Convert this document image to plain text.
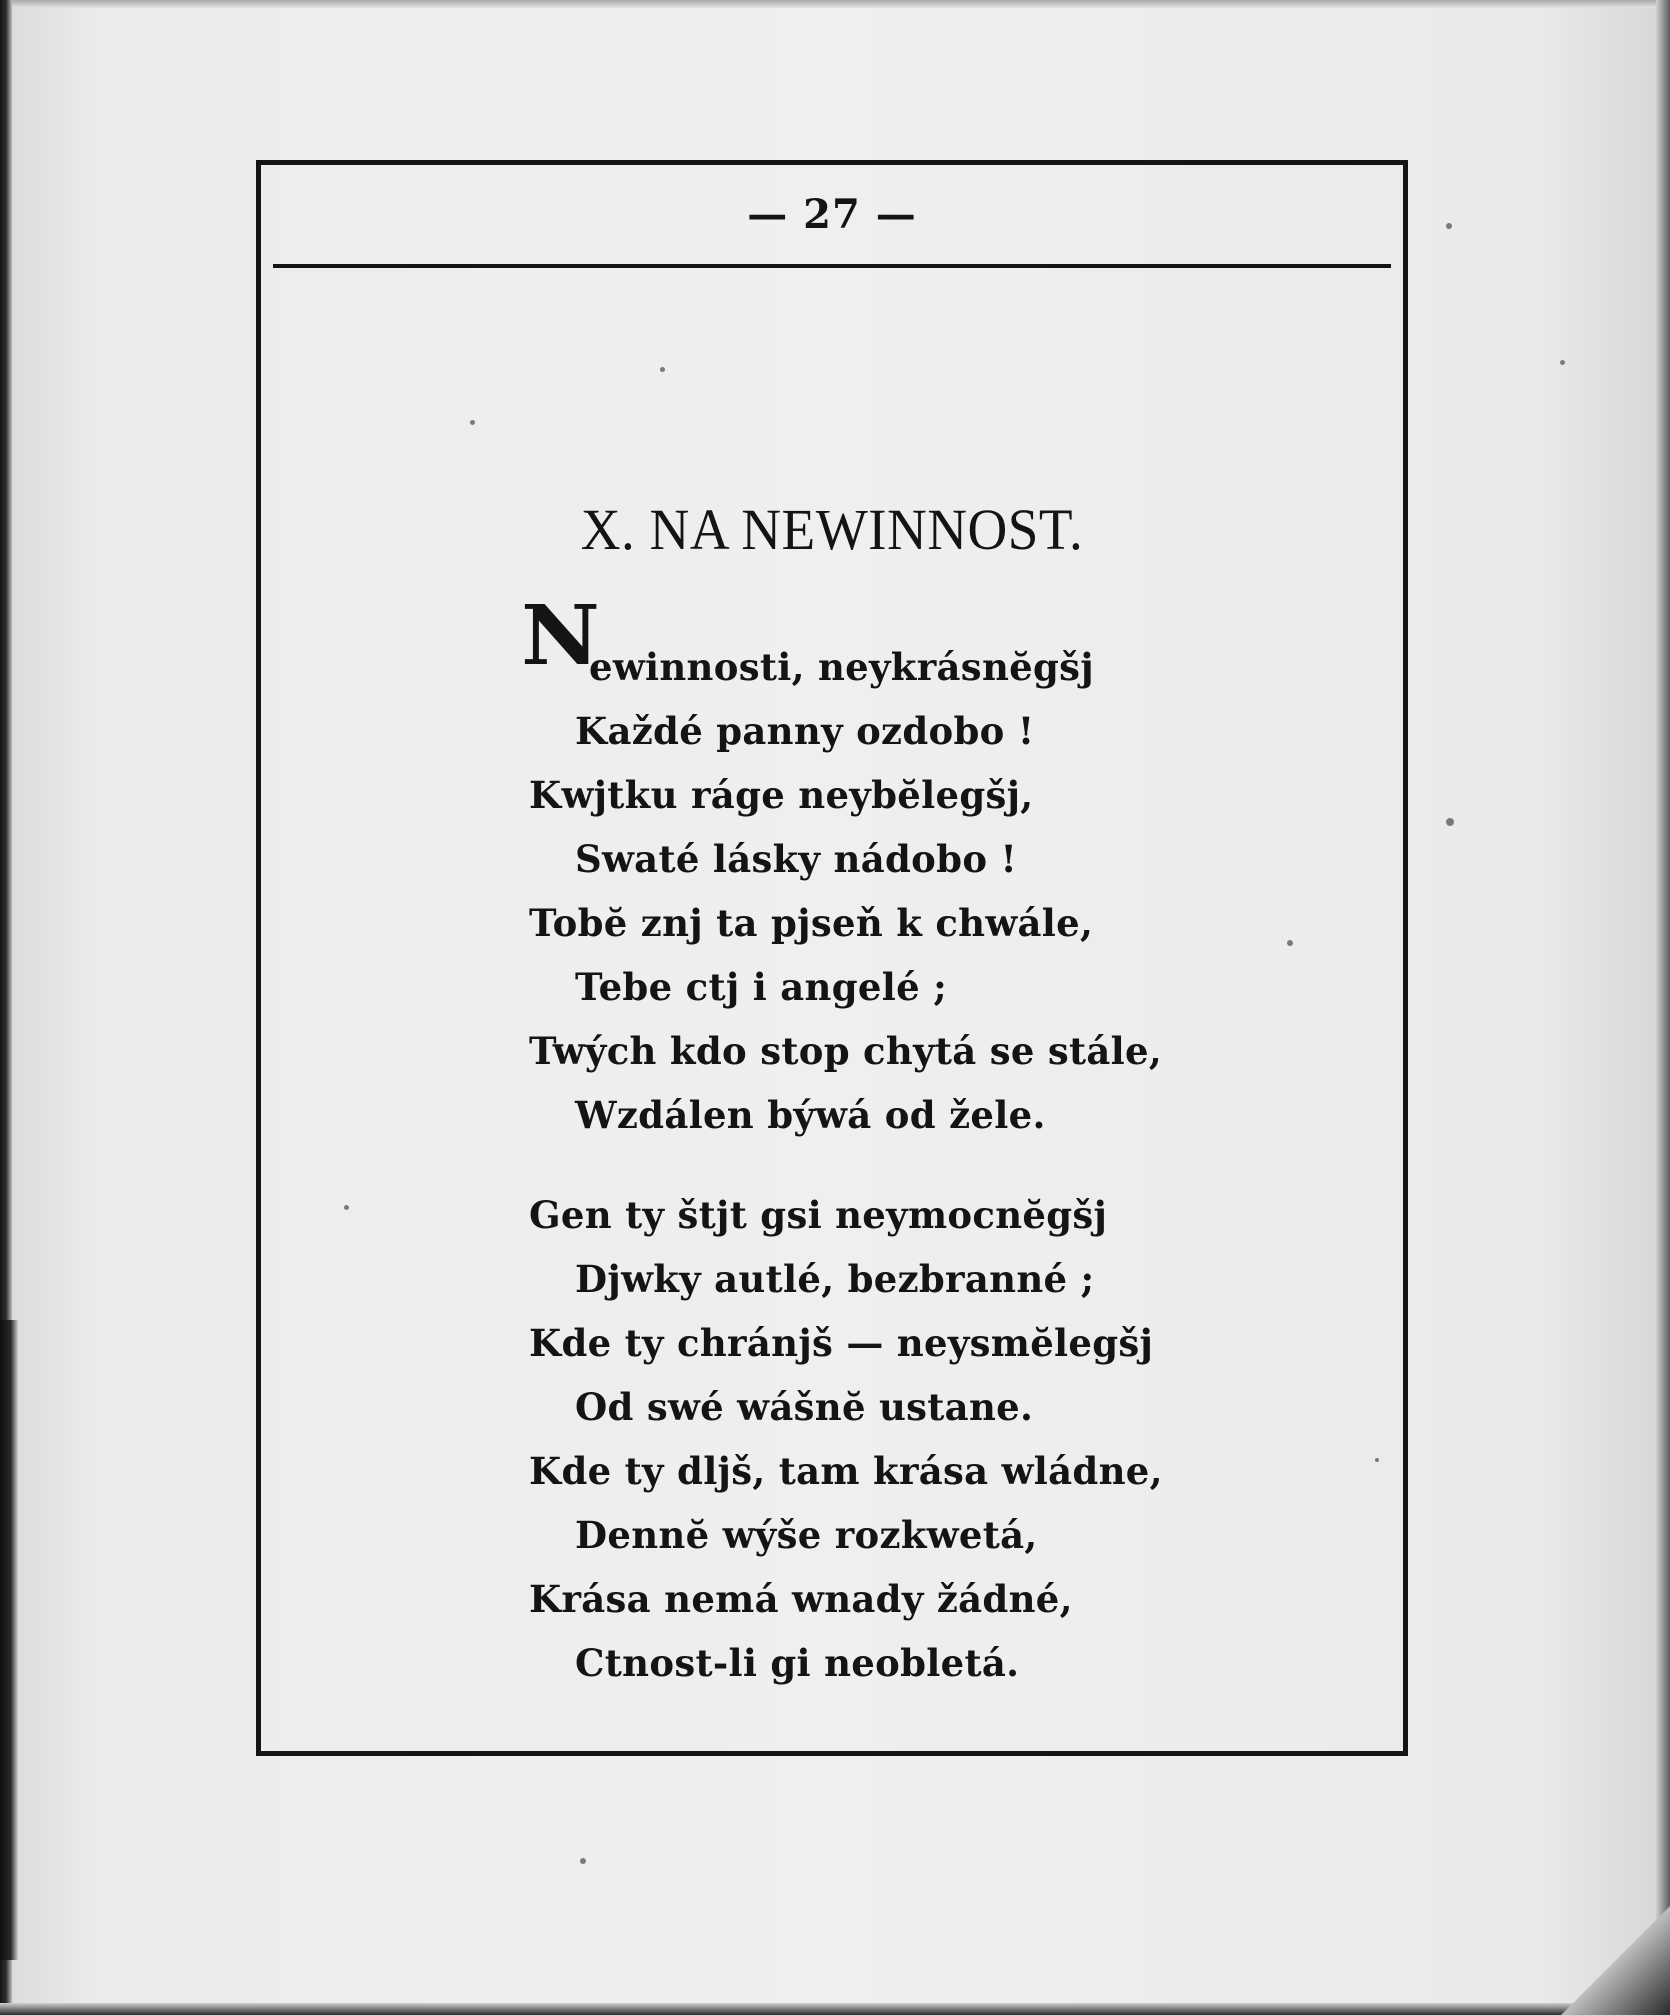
— 27 —
X. NA NEWINNOST.
N
ewinnosti, neykrásnĕgšj
Každé panny ozdobo !
Kwjtku ráge neybĕlegšj,
Swaté lásky nádobo !
Tobĕ znj ta pjseň k chwále,
Tebe ctj i angelé ;
Twých kdo stop chytá se stále,
Wzdálen býwá od žele.
Gen ty štjt gsi neymocnĕgšj
Djwky autlé, bezbranné ;
Kde ty chránjš — neysmĕlegšj
Od swé wášnĕ ustane.
Kde ty dljš, tam krása wládne,
Dennĕ wýše rozkwetá,
Krása nemá wnady žádné,
Ctnost-li gi neobletá.
